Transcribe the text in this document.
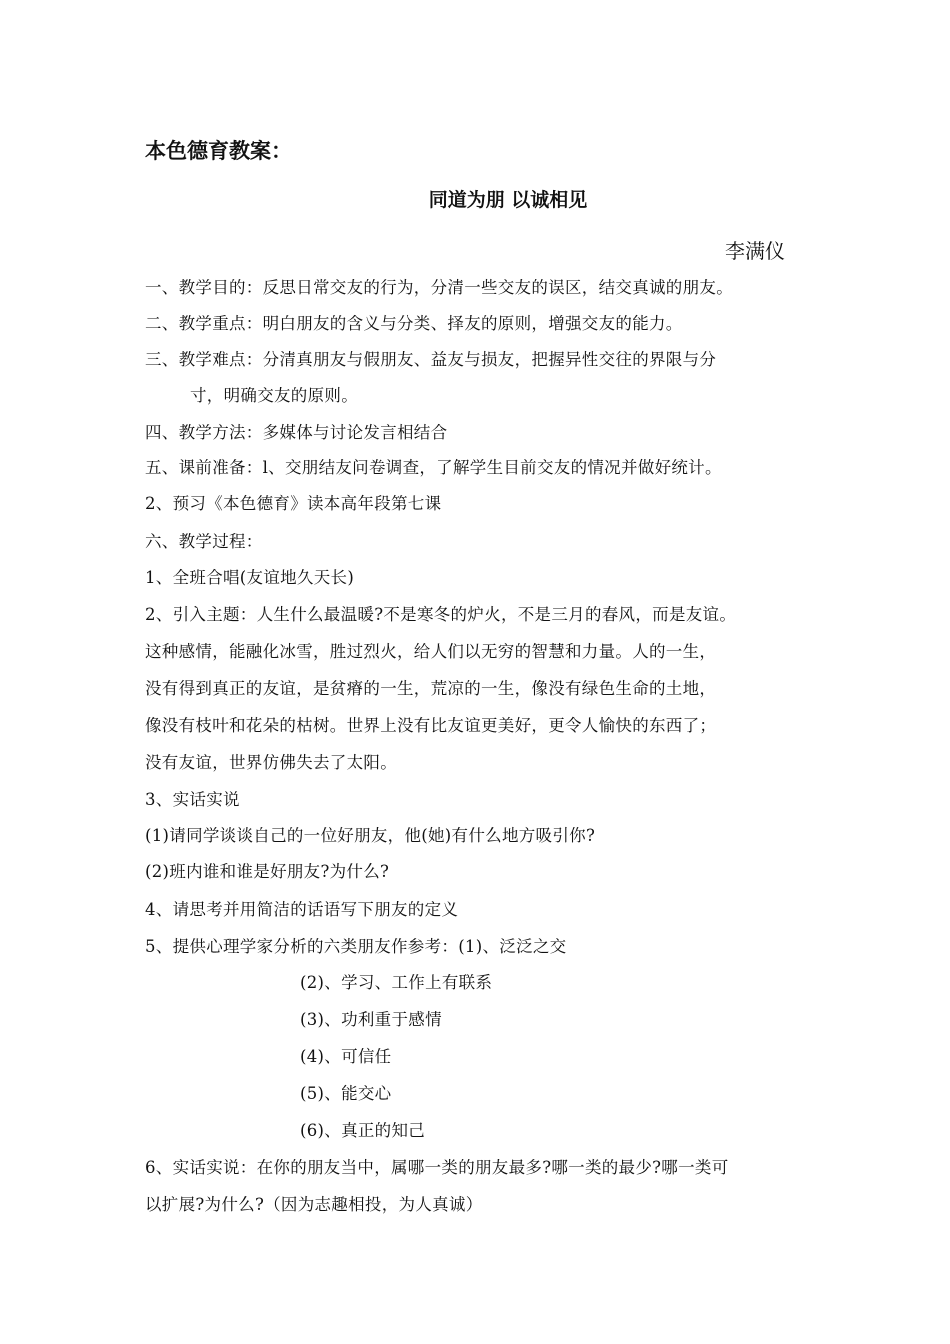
本色德育教案：
同道为朋 以诚相见
李满仪
一、教学目的：反思日常交友的行为，分清一些交友的误区，结交真诚的朋友。
二、教学重点：明白朋友的含义与分类、择友的原则，增强交友的能力。
三、教学难点：分清真朋友与假朋友、益友与损友，把握异性交往的界限与分
寸，明确交友的原则。
四、教学方法：多媒体与讨论发言相结合
五、课前准备：l、交朋结友问卷调查，了解学生目前交友的情况并做好统计。
2、预习《本色德育》读本高年段第七课
六、教学过程：
1、全班合唱(友谊地久天长)
2、引入主题：人生什么最温暖?不是寒冬的炉火，不是三月的春风，而是友谊。
这种感情，能融化冰雪，胜过烈火，给人们以无穷的智慧和力量。人的一生，
没有得到真正的友谊，是贫瘠的一生，荒凉的一生，像没有绿色生命的土地，
像没有枝叶和花朵的枯树。世界上没有比友谊更美好，更令人愉快的东西了；
没有友谊，世界仿佛失去了太阳。
3、实话实说
(1)请同学谈谈自己的一位好朋友，他(她)有什么地方吸引你?
(2)班内谁和谁是好朋友?为什么?
4、请思考并用简洁的话语写下朋友的定义
5、提供心理学家分析的六类朋友作参考：(1)、泛泛之交
(2)、学习、工作上有联系
(3)、功利重于感情
(4)、可信任
(5)、能交心
(6)、真正的知己
6、实话实说：在你的朋友当中，属哪一类的朋友最多?哪一类的最少?哪一类可
以扩展?为什么?（因为志趣相投，为人真诚）
